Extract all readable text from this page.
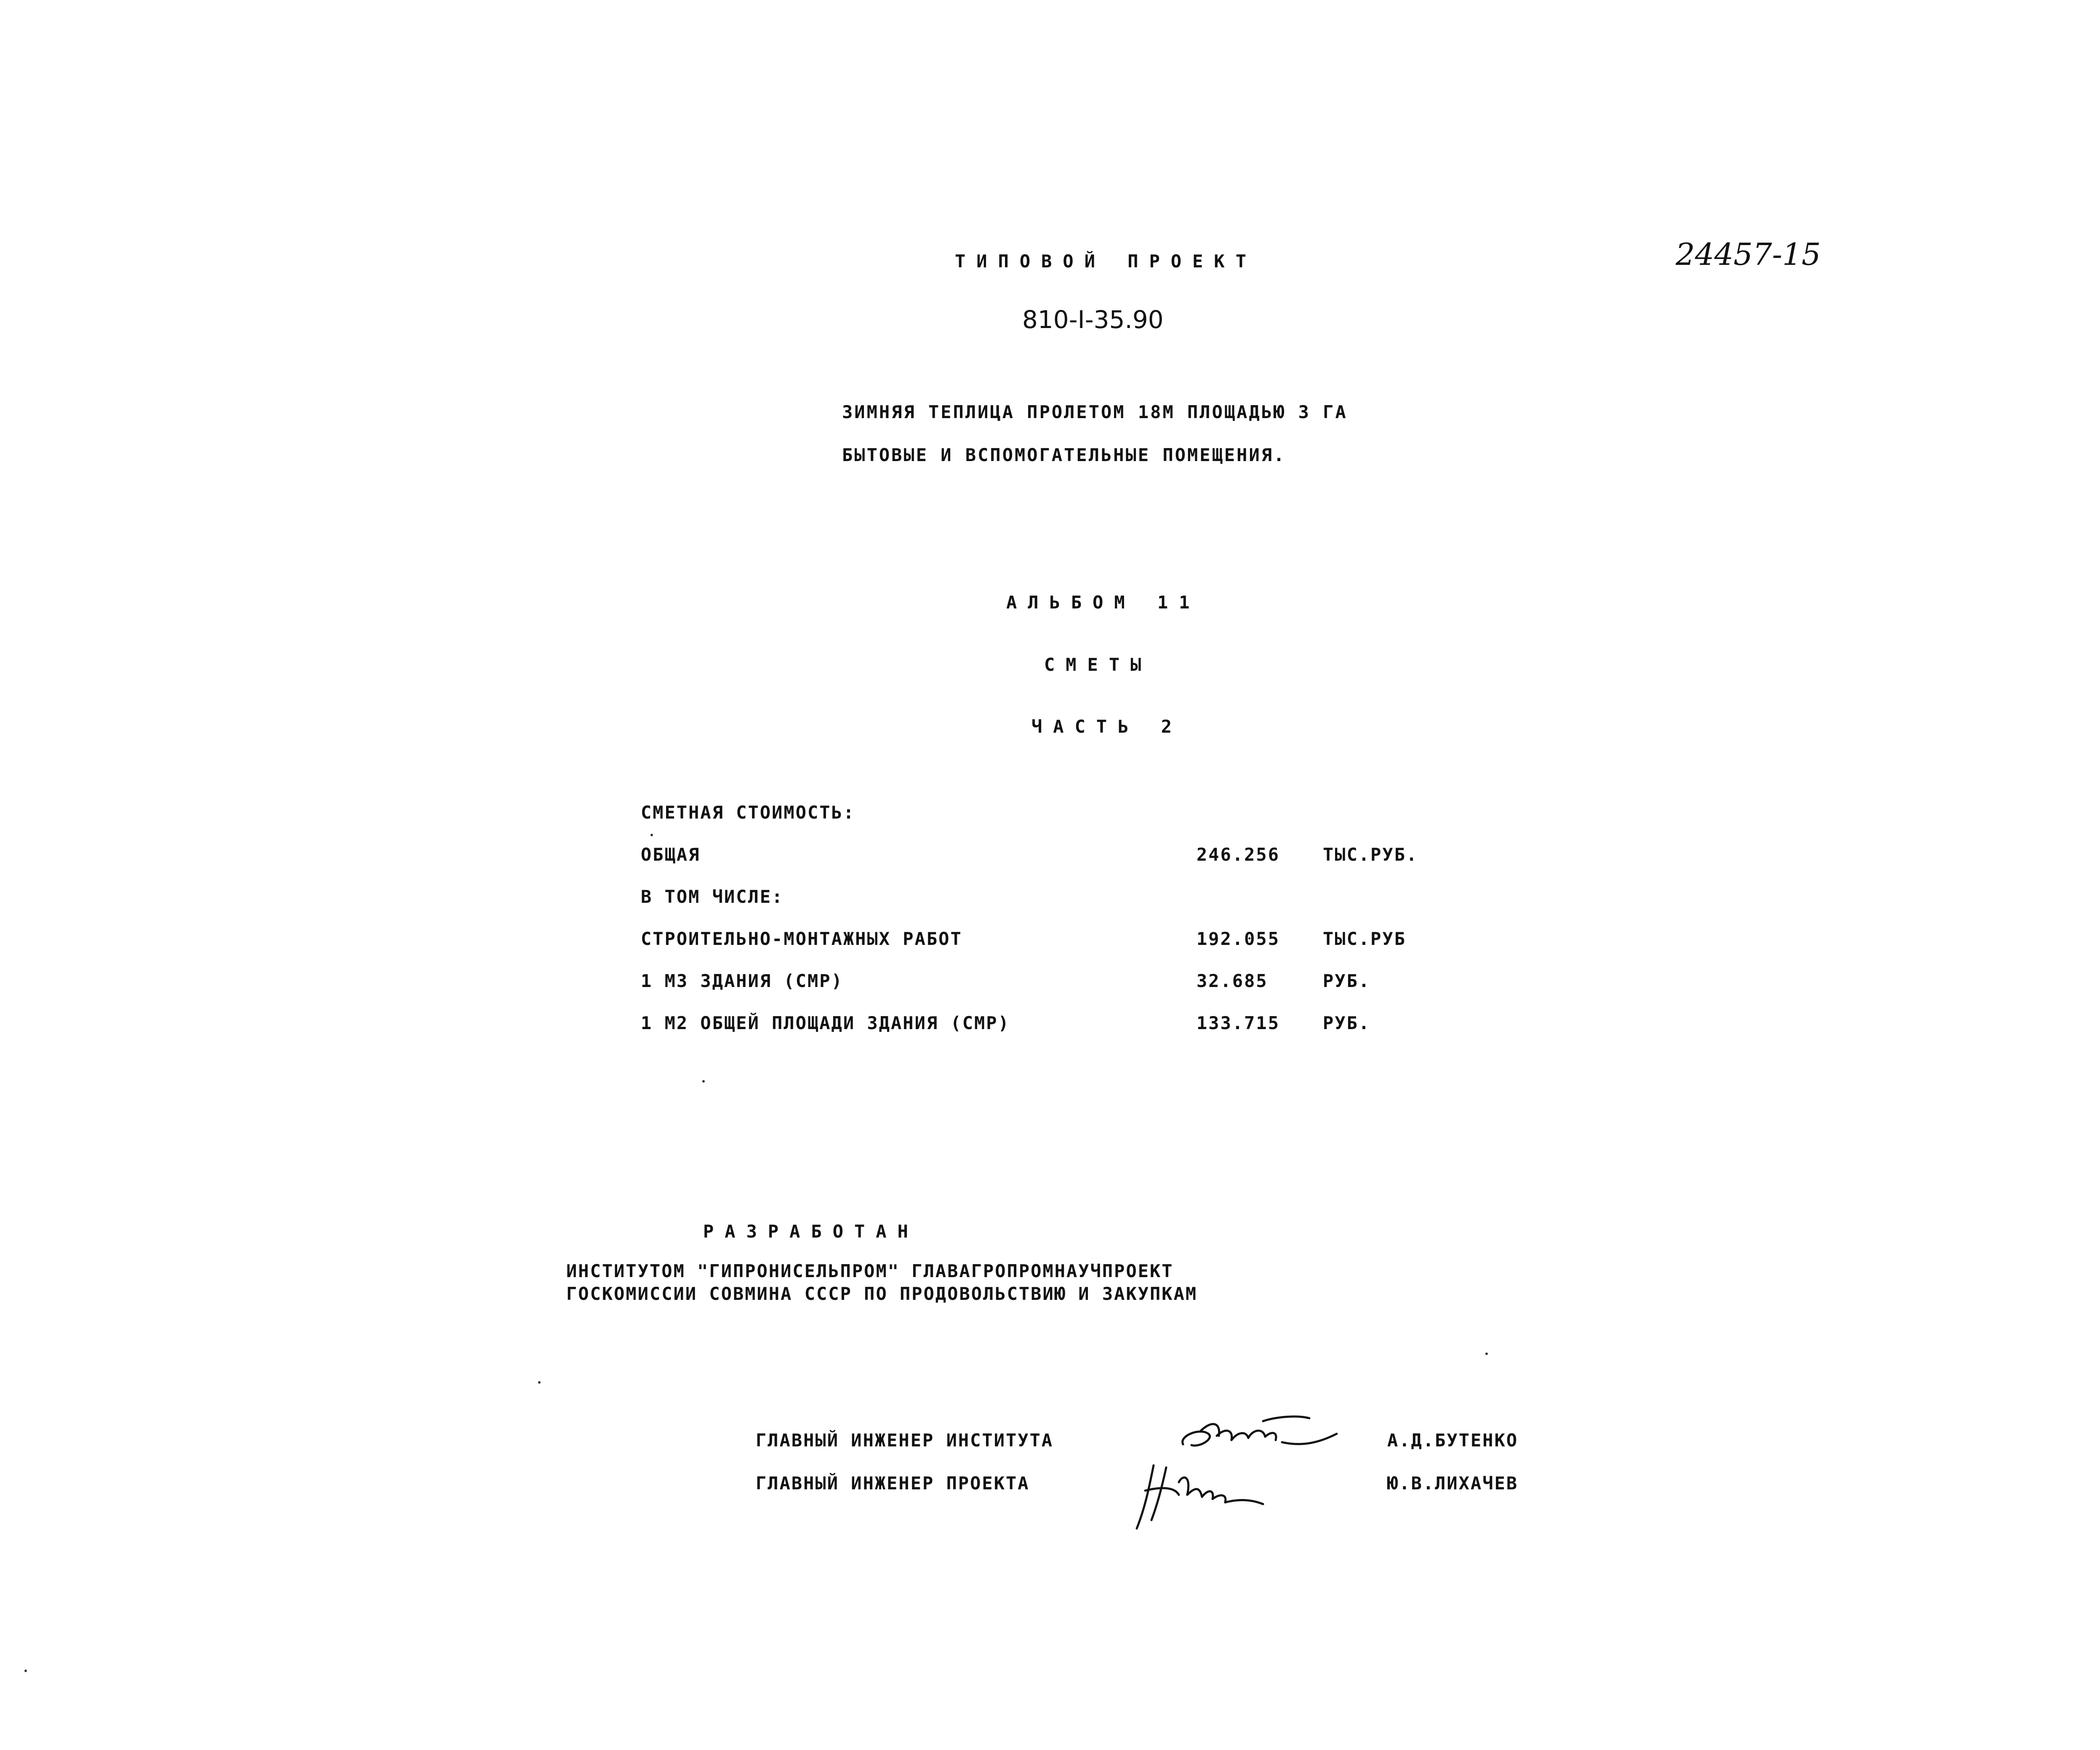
ТИПОВОЙ ПРОЕКТ	24457-15
810-I-35.90
ЗИМНЯЯ ТЕПЛИЦА ПРОЛЕТОМ 18М ПЛОЩАДЬЮ 3 ГА
БЫТОВЫЕ И ВСПОМОГАТЕЛЬНЫЕ ПОМЕЩЕНИЯ.
АЛЬБОМ 11
СМЕТЫ
ЧАСТЬ 2
СМЕТНАЯ СТОИМОСТЬ:
ОБЩАЯ	246.256 ТЫС.РУБ.
В ТОМ ЧИСЛЕ:
СТРОИТЕЛЬНО-МОНТАЖНЫХ РАБОТ	192.055 ТЫС.РУБ
1 М3 ЗДАНИЯ (СМР)	32.685	РУБ.
1 М2 ОБЩЕЙ ПЛОЩАДИ ЗДАНИЯ (СМР)	133.715 РУБ.
РАЗРАБОТАН
ИНСТИТУТОМ "ГИПРОНИСЕЛЬПРОМ" ГЛАВАГРОПРОМНАУЧПРОЕКТ
ГОСКОМИССИИ СОВМИНА СССР ПО ПРОДОВОЛЬСТВИЮ И ЗАКУПКАМ
ГЛАВНЫЙ ИНЖЕНЕР ИНСТИТУТА	А.Д.БУТЕНКО
ГЛАВНЫЙ ИНЖЕНЕР ПРОЕКТА	Ю.В.ЛИХАЧЕВ
